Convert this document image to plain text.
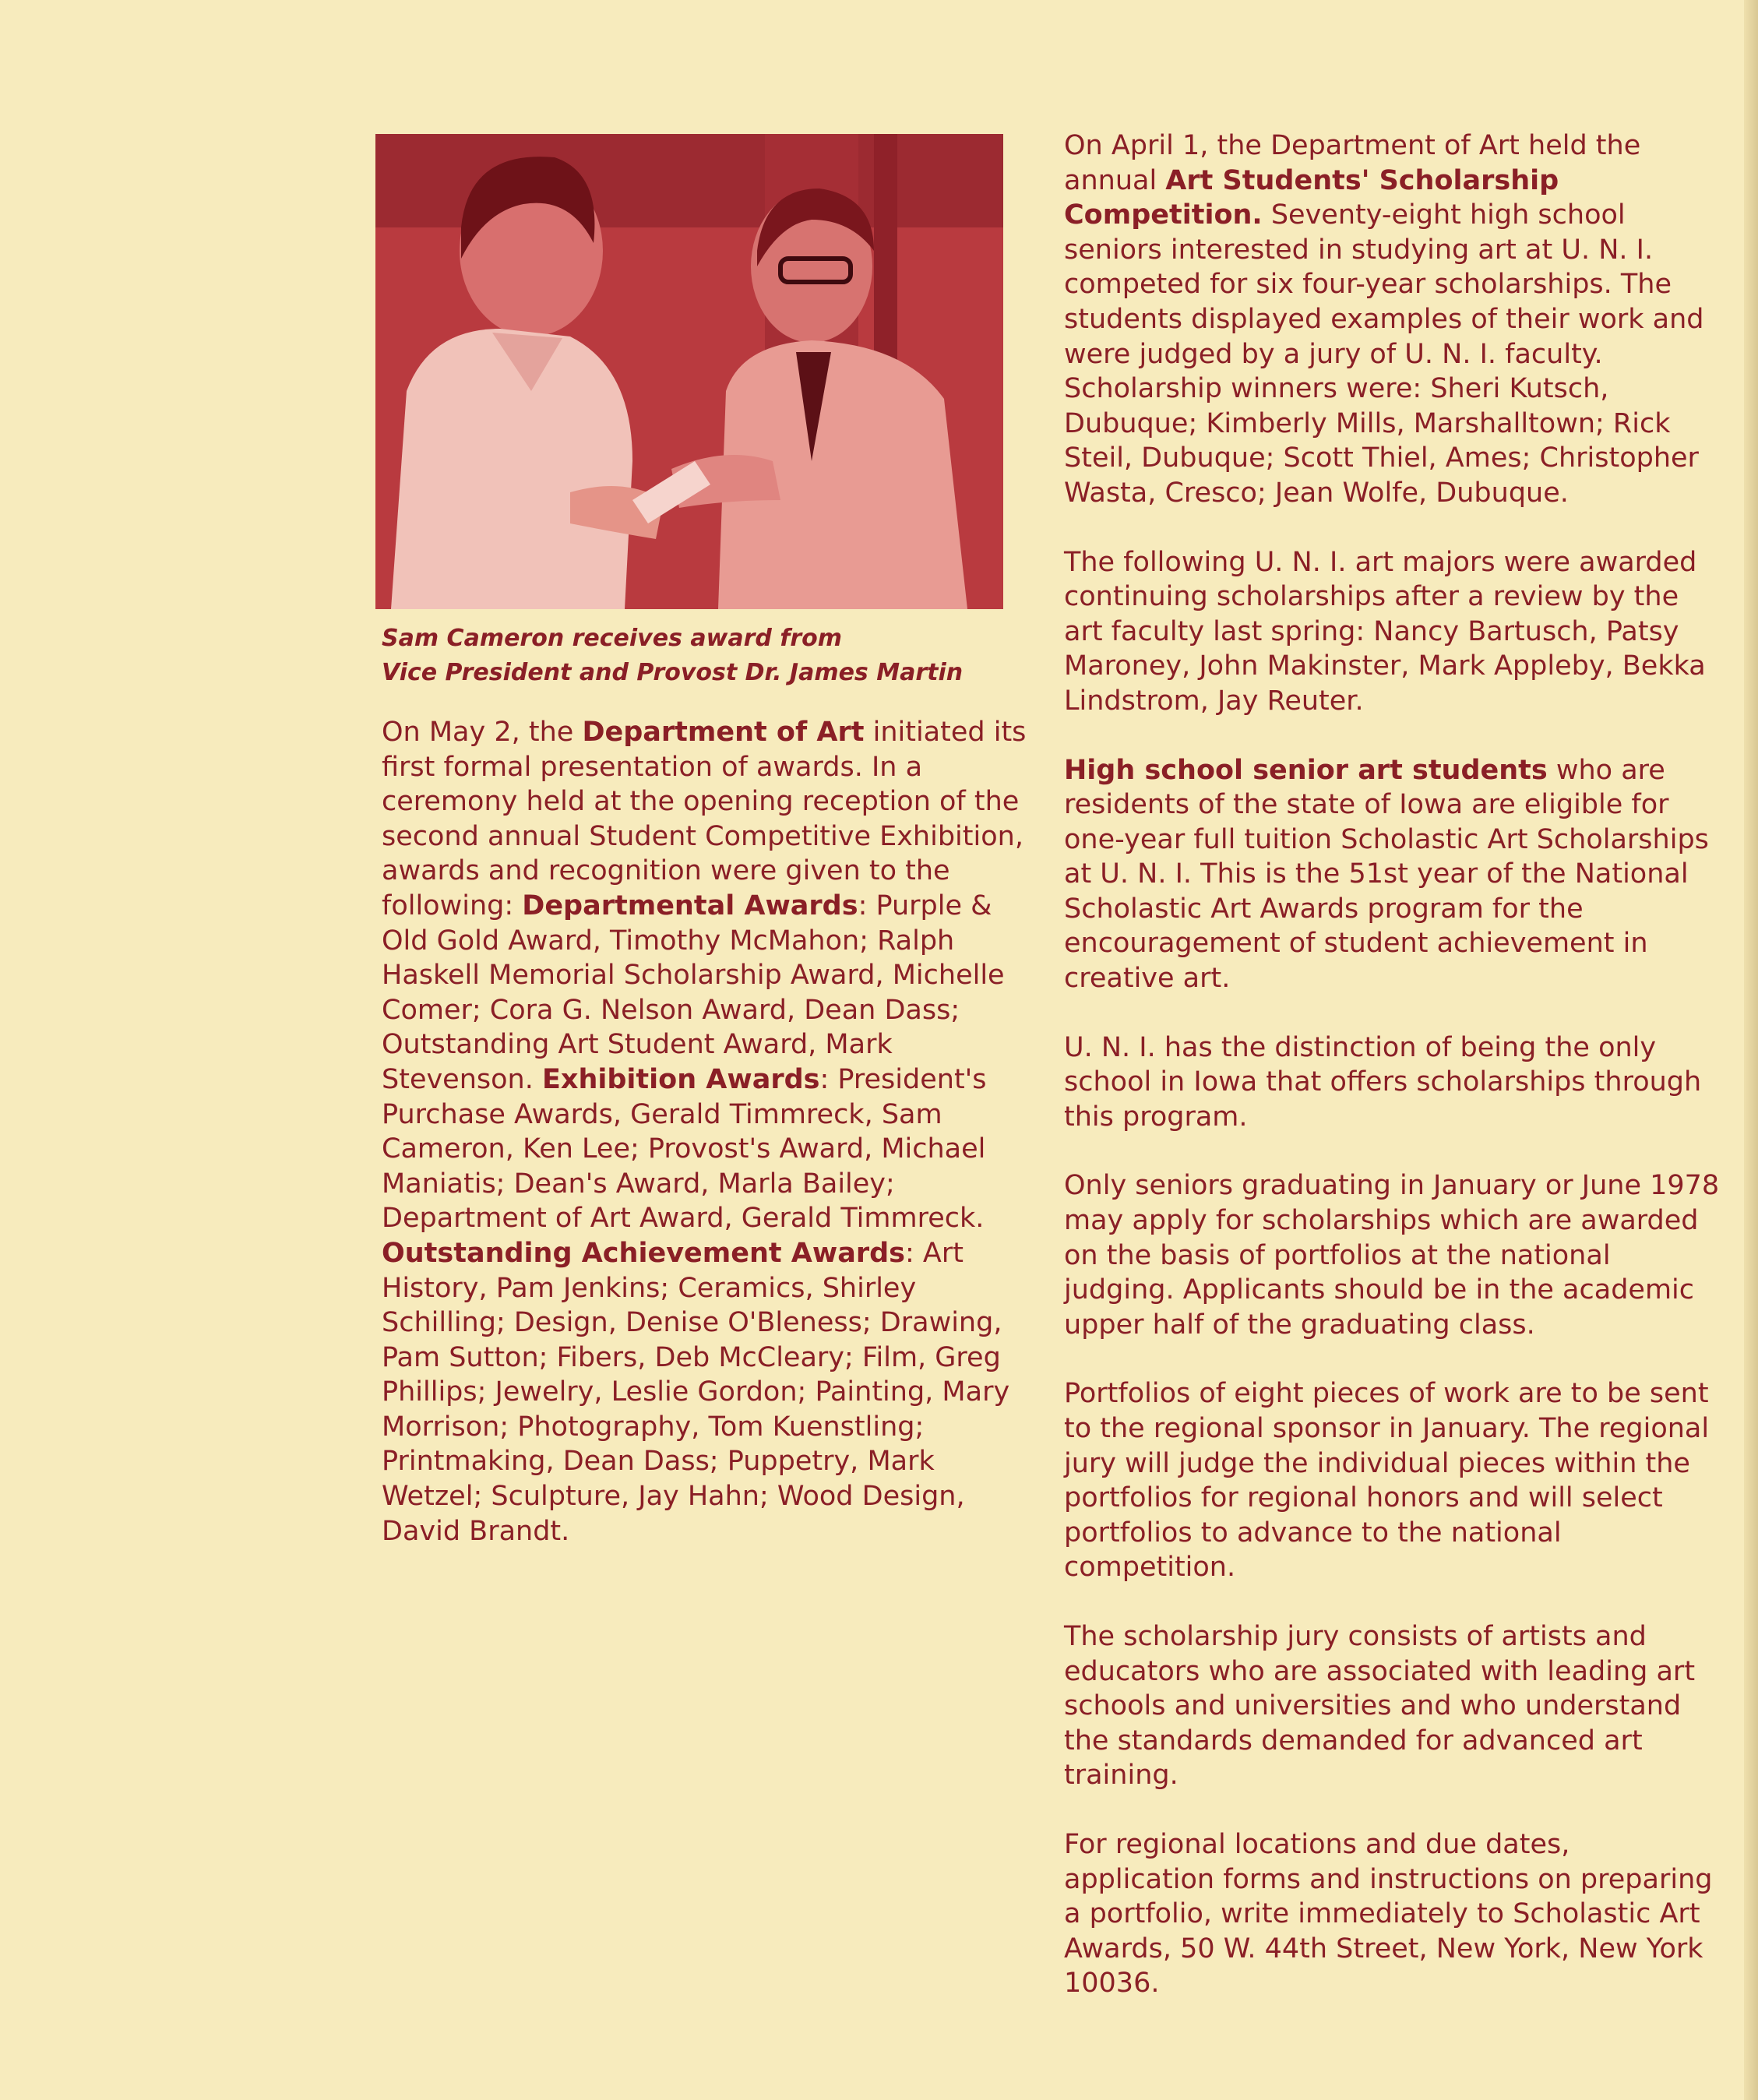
Sam Cameron receives award from
Vice President and Provost Dr. James Martin

On May 2, the Department of Art initiated its first formal presentation of awards. In a ceremony held at the opening reception of the second annual Student Competitive Exhibition, awards and recognition were given to the following: Departmental Awards: Purple & Old Gold Award, Timothy McMahon; Ralph Haskell Memorial Scholarship Award, Michelle Comer; Cora G. Nelson Award, Dean Dass; Outstanding Art Student Award, Mark Stevenson. Exhibition Awards: President's Purchase Awards, Gerald Timmreck, Sam Cameron, Ken Lee; Provost's Award, Michael Maniatis; Dean's Award, Marla Bailey; Department of Art Award, Gerald Timmreck. Outstanding Achievement Awards: Art History, Pam Jenkins; Ceramics, Shirley Schilling; Design, Denise O'Bleness; Drawing, Pam Sutton; Fibers, Deb McCleary; Film, Greg Phillips; Jewelry, Leslie Gordon; Painting, Mary Morrison; Photography, Tom Kuenstling; Printmaking, Dean Dass; Puppetry, Mark Wetzel; Sculpture, Jay Hahn; Wood Design, David Brandt.

On April 1, the Department of Art held the annual Art Students' Scholarship Competition. Seventy-eight high school seniors interested in studying art at U. N. I. competed for six four-year scholarships. The students displayed examples of their work and were judged by a jury of U. N. I. faculty. Scholarship winners were: Sheri Kutsch, Dubuque; Kimberly Mills, Marshalltown; Rick Steil, Dubuque; Scott Thiel, Ames; Christopher Wasta, Cresco; Jean Wolfe, Dubuque.

The following U. N. I. art majors were awarded continuing scholarships after a review by the art faculty last spring: Nancy Bartusch, Patsy Maroney, John Makinster, Mark Appleby, Bekka Lindstrom, Jay Reuter.

High school senior art students who are residents of the state of Iowa are eligible for one-year full tuition Scholastic Art Scholarships at U. N. I. This is the 51st year of the National Scholastic Art Awards program for the encouragement of student achievement in creative art.

U. N. I. has the distinction of being the only school in Iowa that offers scholarships through this program.

Only seniors graduating in January or June 1978 may apply for scholarships which are awarded on the basis of portfolios at the national judging. Applicants should be in the academic upper half of the graduating class.

Portfolios of eight pieces of work are to be sent to the regional sponsor in January. The regional jury will judge the individual pieces within the portfolios for regional honors and will select portfolios to advance to the national competition.

The scholarship jury consists of artists and educators who are associated with leading art schools and universities and who understand the standards demanded for advanced art training.

For regional locations and due dates, application forms and instructions on preparing a portfolio, write immediately to Scholastic Art Awards, 50 W. 44th Street, New York, New York 10036.
